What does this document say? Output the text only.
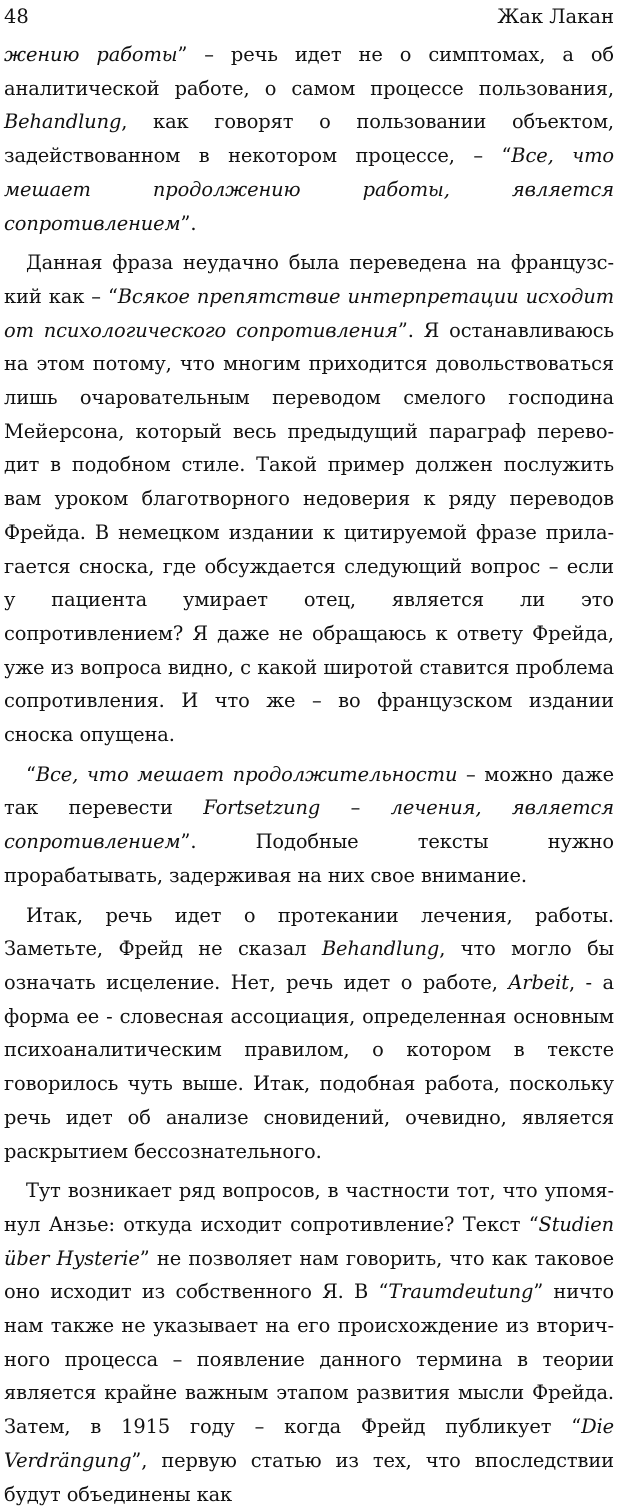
48	Жак Лакан

жению работы” – речь идет не о симптомах, а об аналитической работе, о самом процессе пользования, Behandlung, как говорят о пользовании объектом, задействованном в некотором процессе, – “Все, что мешает продолжению работы, является сопротивлением”.

Данная фраза неудачно была переведена на французский как – “Всякое препятствие интерпретации исходит от психологического сопротивления”. Я останавливаюсь на этом потому, что многим приходится довольствоваться лишь очаровательным переводом смелого господина Мейерсона, который весь предыдущий параграф переводит в подобном стиле. Такой пример должен послужить вам уроком благотворного недоверия к ряду переводов Фрейда. В немецком издании к цитируемой фразе прилагается сноска, где обсуждается следующий вопрос – если у пациента умирает отец, является ли это сопротивлением? Я даже не обращаюсь к ответу Фрейда, уже из вопроса видно, с какой широтой ставится проблема сопротивления. И что же – во французском издании сноска опущена.

“Все, что мешает продолжительности – можно даже так перевести Fortsetzung – лечения, является сопротивлением”. Подобные тексты нужно прорабатывать, задерживая на них свое внимание.

Итак, речь идет о протекании лечения, работы. Заметьте, Фрейд не сказал Behandlung, что могло бы означать исцеление. Нет, речь идет о работе, Arbeit, - а форма ее - словесная ассоциация, определенная основным психоаналитическим правилом, о котором в тексте говорилось чуть выше. Итак, подобная работа, поскольку речь идет об анализе сновидений, очевидно, является раскрытием бессознательного.

Тут возникает ряд вопросов, в частности тот, что упомянул Анзье: откуда исходит сопротивление? Текст “Studien über Hysterie” не позволяет нам говорить, что как таковое оно исходит из собственного Я. В “Traumdeutung” ничто нам также не указывает на его происхождение из вторичного процесса – появление данного термина в теории является крайне важным этапом развития мысли Фрейда. Затем, в 1915 году – когда Фрейд публикует “Die Verdrängung”, первую статью из тех, что впоследствии будут объединены как
